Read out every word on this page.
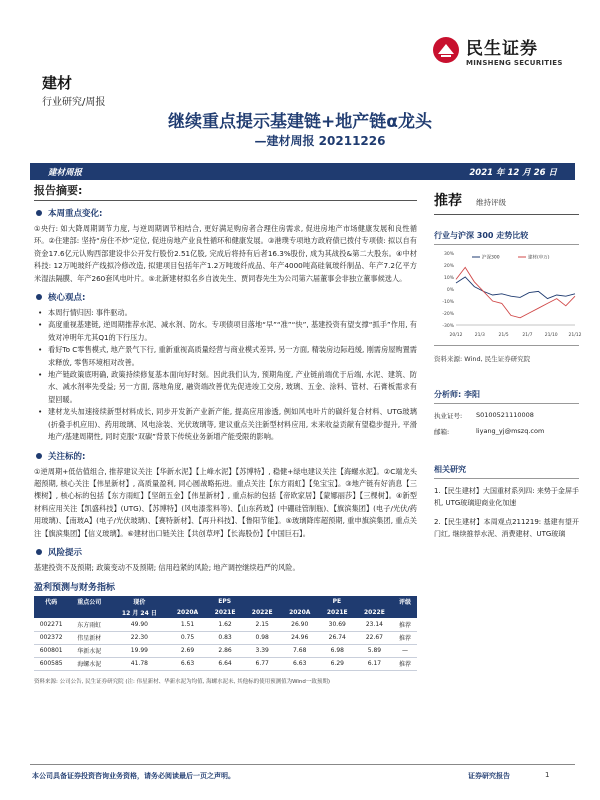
民生证券
MINSHENG SECURITIES
建材
行业研究/周报
继续重点提示基建链+地产链α龙头
—建材周报 20211226
建材周报	2021 年 12 月 26 日
报告摘要:
本周重点变化:
①央行: 如大降周期调节力度, 与逆周期调节相结合, 更好满足购房者合理住房需求, 促进房地产市场健康发展和良性循环。②住建部: 坚持“房住不炒”定位, 促进房地产业良性循环和健康发展。③港璞专项地方政府债已拨付专项债: 拟以自有资金17.6亿元认购西部建设非公开发行股份2.51亿股, 完成后将持有后者16.3%股份, 成为其战投&第二大股东。④中材科技: 12万吨玻纤产线拟冷修改造, 拟建项目包括年产1.2万吨玻纤成品、年产4000吨高硅氧玻纤制品、年产7.2亿平方米湿法隔膜、年产260套风电叶片。⑤北新建材拟名乡自波先生、贾同春先生为公司第六届董事会非独立董事候选人。
核心观点:
• 本周行情归因: 事件驱动。
• 高度重视基建链, 逆周期推荐水泥、减水剂、防水。专项债项目落地“早”“准”“快”, 基建投资有望支撑“抓手”作用, 有效对冲明年尤其Q1的下行压力。
• 看好To C零售模式, 地产景气下行, 重新重视高质量经营与商业模式差异, 另一方面, 精装房边际趋缓, 刚需房屋购置需求释放, 零售环境相对改善。
• 地产链政策底明确, 政策持续修复基本面向好时刻。因此我们认为, 预期角度, 产业链前端优于后端, 水泥、建筑、防水、减水剂率先受益; 另一方面, 落地角度, 融资端改善优先促进竣工交房, 玻璃、五金、涂料、管材、石膏板需求有望回暖。
• 建材龙头加速接续新型材料成长, 同步开发新产业新产能, 提高应用渗透, 例如风电叶片的碳纤复合材料、UTG玻璃(折叠手机应用)、药用玻璃、风电涂装、光伏玻璃等, 建议重点关注新型材料应用, 未来收益贡献有望稳步提升, 平滑地产/基建周期性, 同时克服“双碳”背景下传统业务新增产能受限的影响。
关注标的:
①逆周期+低估值组合, 推荐建议关注【华新水泥】【上峰水泥】【苏博特】, 稳健+绿电建议关注【海螺水泥】。②C端龙头超预期, 核心关注【伟星新材】, 高质量盈利, 同心圆战略拓进。重点关注【东方雨虹】【兔宝宝】。③地产链有好消息【三棵树】, 核心标的包括【东方雨虹】【坚朗五金】【伟星新材】, 重点标的包括【帝欧家居】【蒙娜丽莎】【三棵树】。④新型材料应用关注【凯盛科技】(UTG)、【苏博特】(风电漆浆料等)、【山东药玻】(中硼硅管制瓶)、【旗滨集团】(电子/光伏/药用玻璃)、【南玻A】(电子/光伏玻璃)、【赛特新材】、【再升科技】、【鲁阳节能】。⑤玻璃降库超预期, 重申旗滨集团, 重点关注【旗滨集团】【信义玻璃】。⑥建材出口链关注【共创草坪】【长海股份】【中国巨石】。
风险提示
基建投资不及预期; 政策变动不及预期; 信用趋紧的风险; 地产调控继续趋严的风险。
盈利预测与财务指标
代码	重点公司	现价	EPS			PE			评级
		12 月 24 日	2020A	2021E	2022E	2020A	2021E	2022E	
002271	东方雨虹	49.90	1.51	1.62	2.15	26.90	30.69	23.14	推荐
002372	伟星新材	22.30	0.75	0.83	0.98	24.96	26.74	22.67	推荐
600801	华新水泥	19.99	2.69	2.86	3.39	7.68	6.98	5.89	—
600585	海螺水泥	41.78	6.63	6.64	6.77	6.63	6.29	6.17	推荐
资料来源: 公司公告, 民生证券研究院 (注: 伟星新材、华新水泥为均值, 海螺水泥未, 其他标的使用预测值为Wind一致预期)
推荐 维持评级
行业与沪深 300 走势比较
30%
20%
10%
0%
-10%
-20%
-30%
20/12	21/3	21/5	21/7	21/10 21/12
沪深300	建材(申万)
资料来源: Wind, 民生证券研究院
分析师: 李阳
执业证号:	S0100521110008
邮箱:	liyang_yj@mszq.com
相关研究
1.【民生建材】大国重材系列四: 来势于金屏手机, UTG玻璃迎商业化加速
2.【民生建材】本周观点211219: 基建有望开门红, 继续推荐水泥、消费建材、UTG玻璃
本公司具备证券投资咨询业务资格，请务必阅读最后一页之声明。	证券研究报告	1
